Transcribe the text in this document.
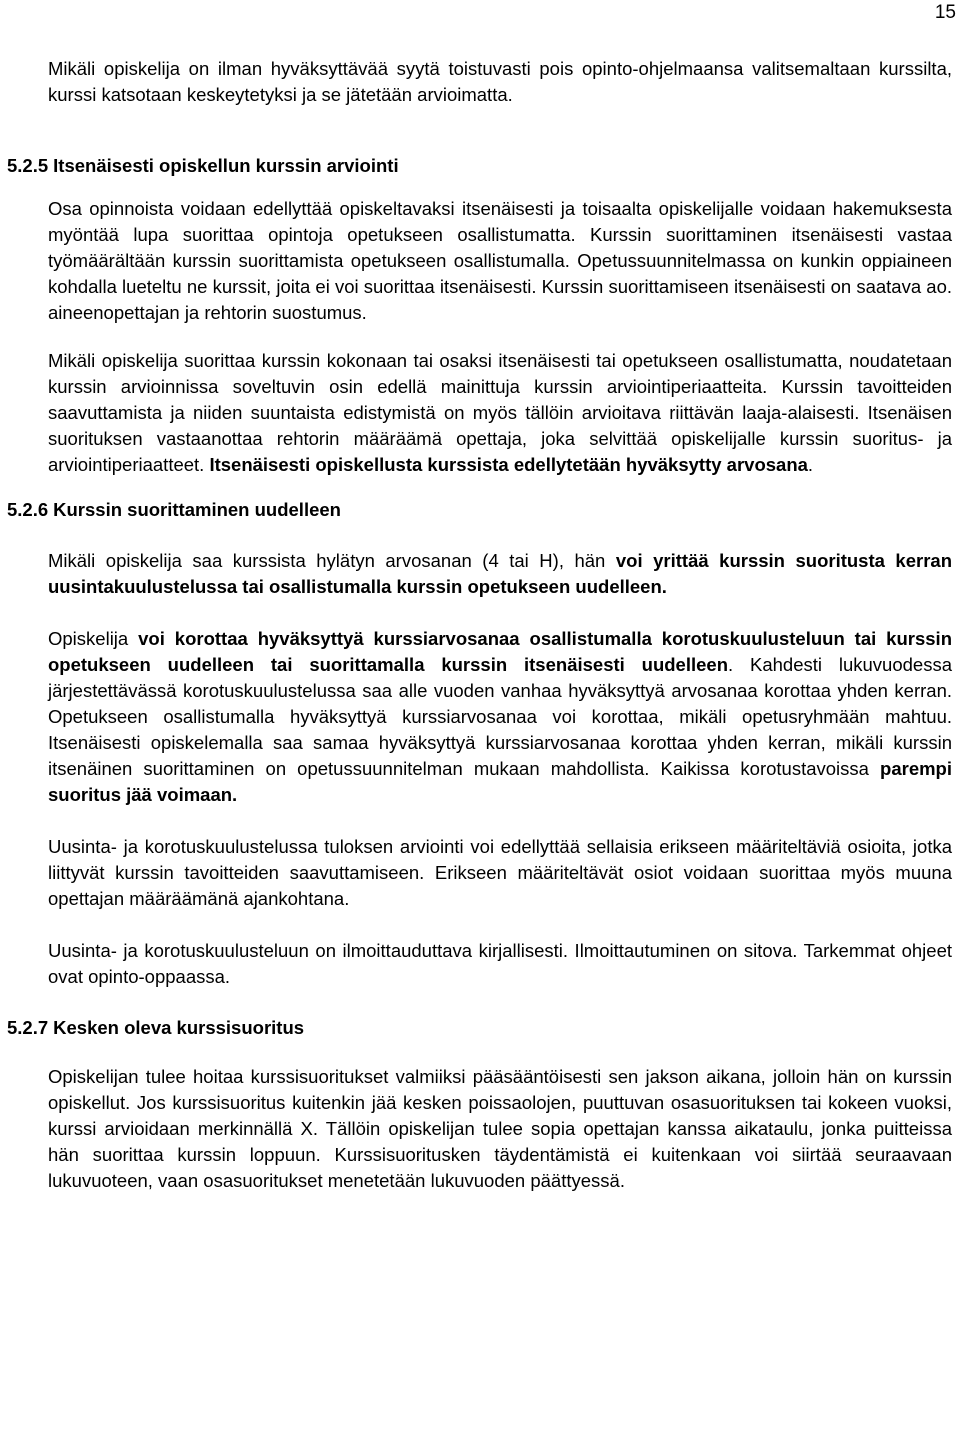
15

Mikäli opiskelija on ilman hyväksyttävää syytä toistuvasti pois opinto-ohjelmaansa valitsemaltaan kurssilta, kurssi katsotaan keskeytetyksi ja se jätetään arvioimatta.

5.2.5 Itsenäisesti opiskellun kurssin arviointi

Osa opinnoista voidaan edellyttää opiskeltavaksi itsenäisesti ja toisaalta opiskelijalle voidaan hakemuksesta myöntää lupa suorittaa opintoja opetukseen osallistumatta. Kurssin suorittaminen itsenäisesti vastaa työmäärältään kurssin suorittamista opetukseen osallistumalla. Opetussuunnitelmassa on kunkin oppiaineen kohdalla lueteltu ne kurssit, joita ei voi suorittaa itsenäisesti. Kurssin suorittamiseen itsenäisesti on saatava ao. aineenopettajan ja rehtorin suostumus.

Mikäli opiskelija suorittaa kurssin kokonaan tai osaksi itsenäisesti tai opetukseen osallistumatta, noudatetaan kurssin arvioinnissa soveltuvin osin edellä mainittuja kurssin arviointiperiaatteita. Kurssin tavoitteiden saavuttamista ja niiden suuntaista edistymistä on myös tällöin arvioitava riittävän laaja-alaisesti. Itsenäisen suorituksen vastaanottaa rehtorin määräämä opettaja, joka selvittää opiskelijalle kurssin suoritus- ja arviointiperiaatteet. Itsenäisesti opiskellusta kurssista edellytetään hyväksytty arvosana.

5.2.6 Kurssin suorittaminen uudelleen

Mikäli opiskelija saa kurssista hylätyn arvosanan (4 tai H), hän voi yrittää kurssin suoritusta kerran uusintakuulustelussa tai osallistumalla kurssin opetukseen uudelleen.

Opiskelija voi korottaa hyväksyttyä kurssiarvosanaa osallistumalla korotuskuulusteluun tai kurssin opetukseen uudelleen tai suorittamalla kurssin itsenäisesti uudelleen. Kahdesti lukuvuodessa järjestettävässä korotuskuulustelussa saa alle vuoden vanhaa hyväksyttyä arvosanaa korottaa yhden kerran. Opetukseen osallistumalla hyväksyttyä kurssiarvosanaa voi korottaa, mikäli opetusryhmään mahtuu. Itsenäisesti opiskelemalla saa samaa hyväksyttyä kurssiarvosanaa korottaa yhden kerran, mikäli kurssin itsenäinen suorittaminen on opetussuunnitelman mukaan mahdollista. Kaikissa korotustavoissa parempi suoritus jää voimaan.

Uusinta- ja korotuskuulustelussa tuloksen arviointi voi edellyttää sellaisia erikseen määriteltäviä osioita, jotka liittyvät kurssin tavoitteiden saavuttamiseen. Erikseen määriteltävät osiot voidaan suorittaa myös muuna opettajan määräämänä ajankohtana.

Uusinta- ja korotuskuulusteluun on ilmoittauduttava kirjallisesti. Ilmoittautuminen on sitova. Tarkemmat ohjeet ovat opinto-oppaassa.

5.2.7 Kesken oleva kurssisuoritus

Opiskelijan tulee hoitaa kurssisuoritukset valmiiksi pääsääntöisesti sen jakson aikana, jolloin hän on kurssin opiskellut. Jos kurssisuoritus kuitenkin jää kesken poissaolojen, puuttuvan osasuorituksen tai kokeen vuoksi, kurssi arvioidaan merkinnällä X. Tällöin opiskelijan tulee sopia opettajan kanssa aikataulu, jonka puitteissa hän suorittaa kurssin loppuun. Kurssisuoritusken täydentämistä ei kuitenkaan voi siirtää seuraavaan lukuvuoteen, vaan osasuoritukset menetetään lukuvuoden päättyessä.
